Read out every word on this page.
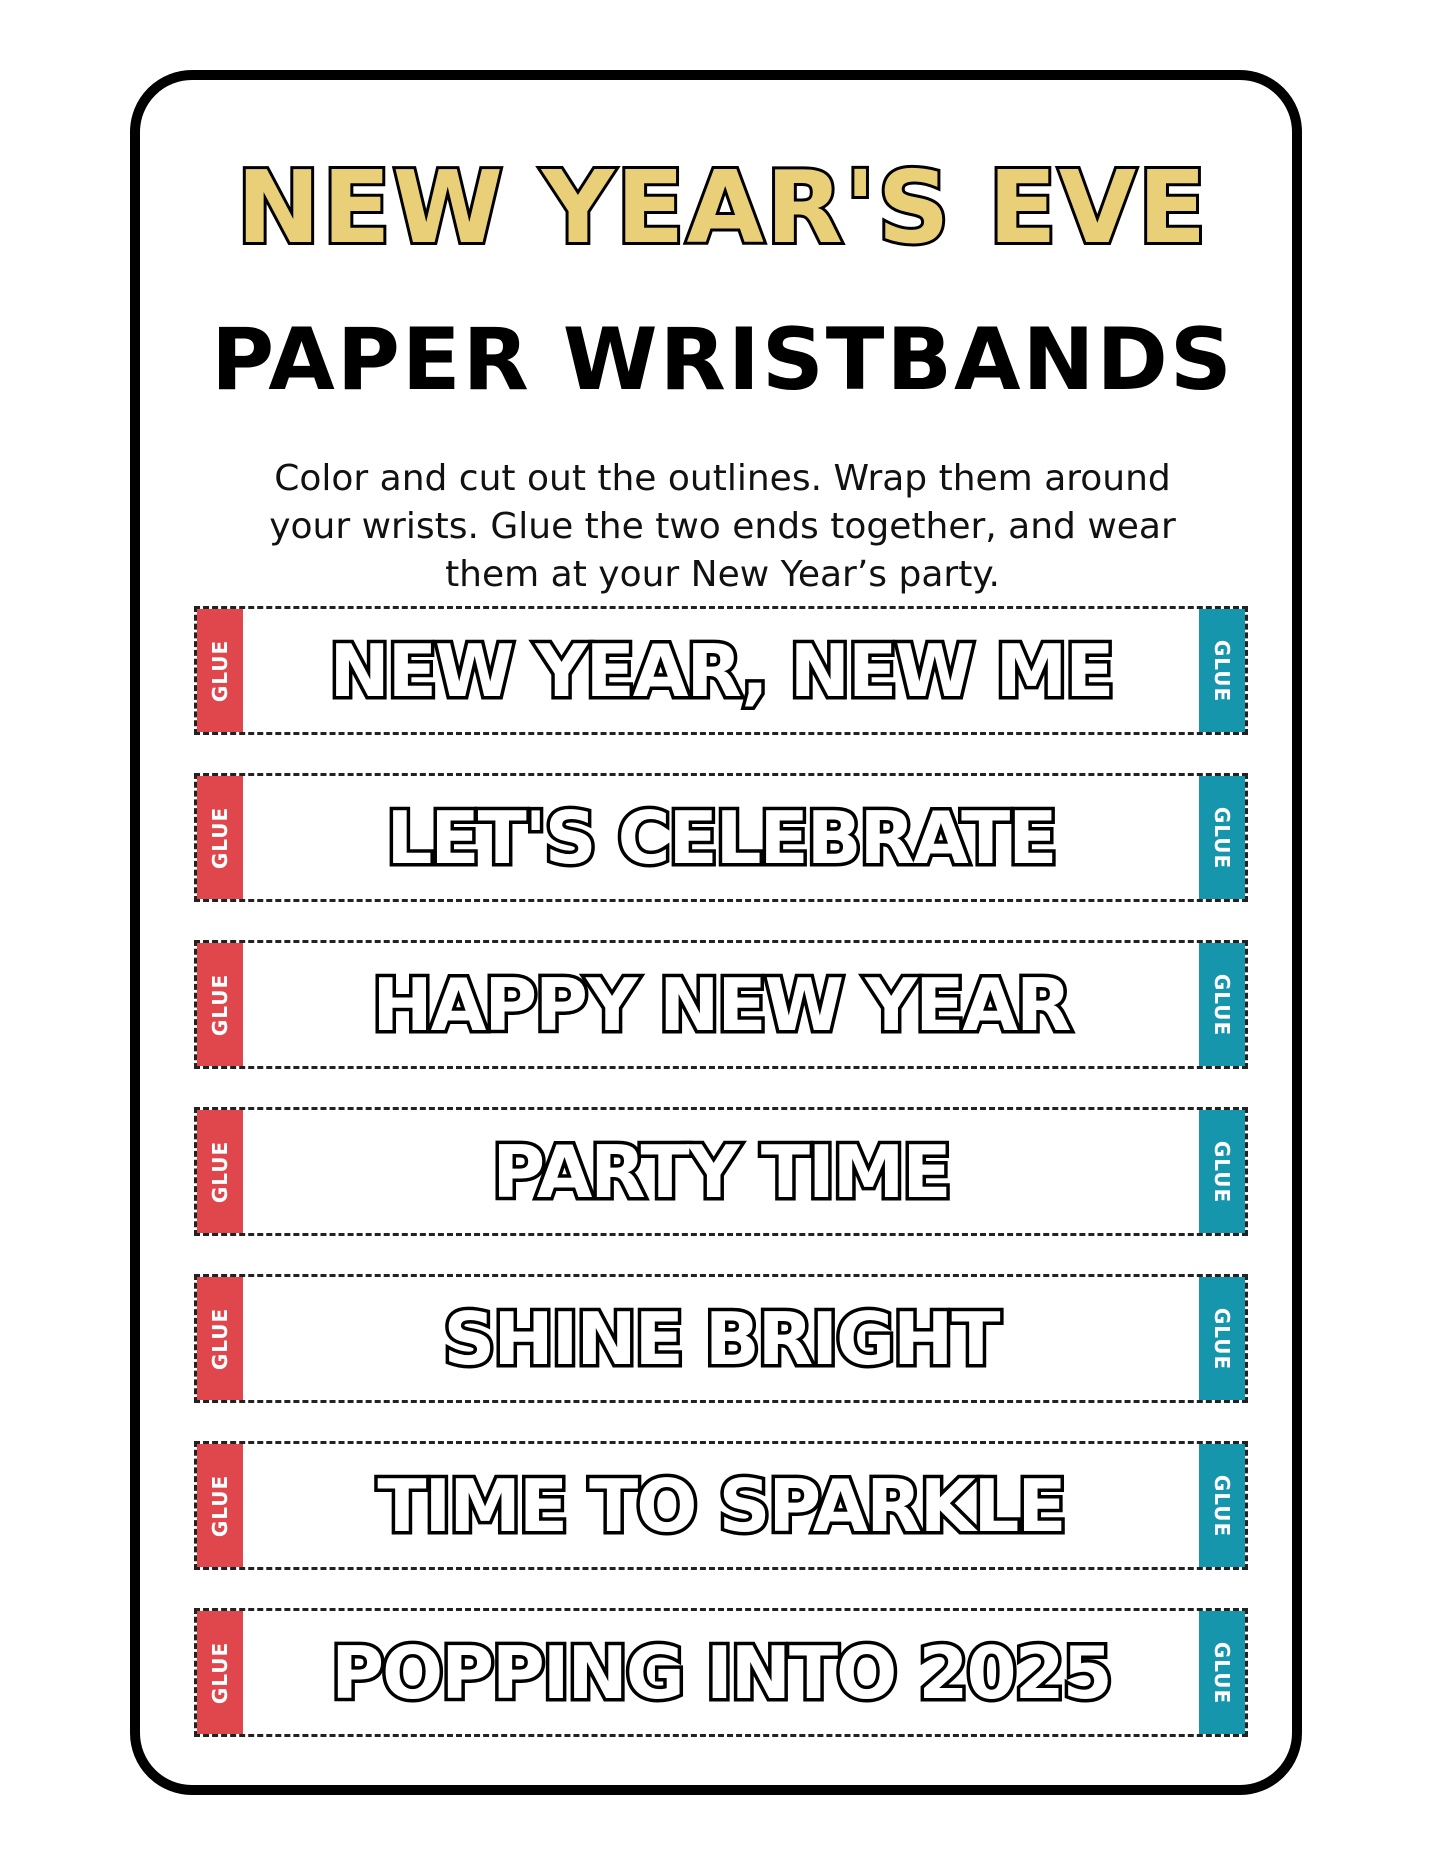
NEW YEAR'S EVE
PAPER WRISTBANDS
Color and cut out the outlines. Wrap them around your wrists. Glue the two ends together, and wear them at your New Year’s party.
GLUE	NEW YEAR, NEW ME	GLUE
GLUE	LET'S CELEBRATE	GLUE
GLUE	HAPPY NEW YEAR	GLUE
GLUE	PARTY TIME	GLUE
GLUE	SHINE BRIGHT	GLUE
GLUE	TIME TO SPARKLE	GLUE
GLUE	POPPING INTO 2025	GLUE
